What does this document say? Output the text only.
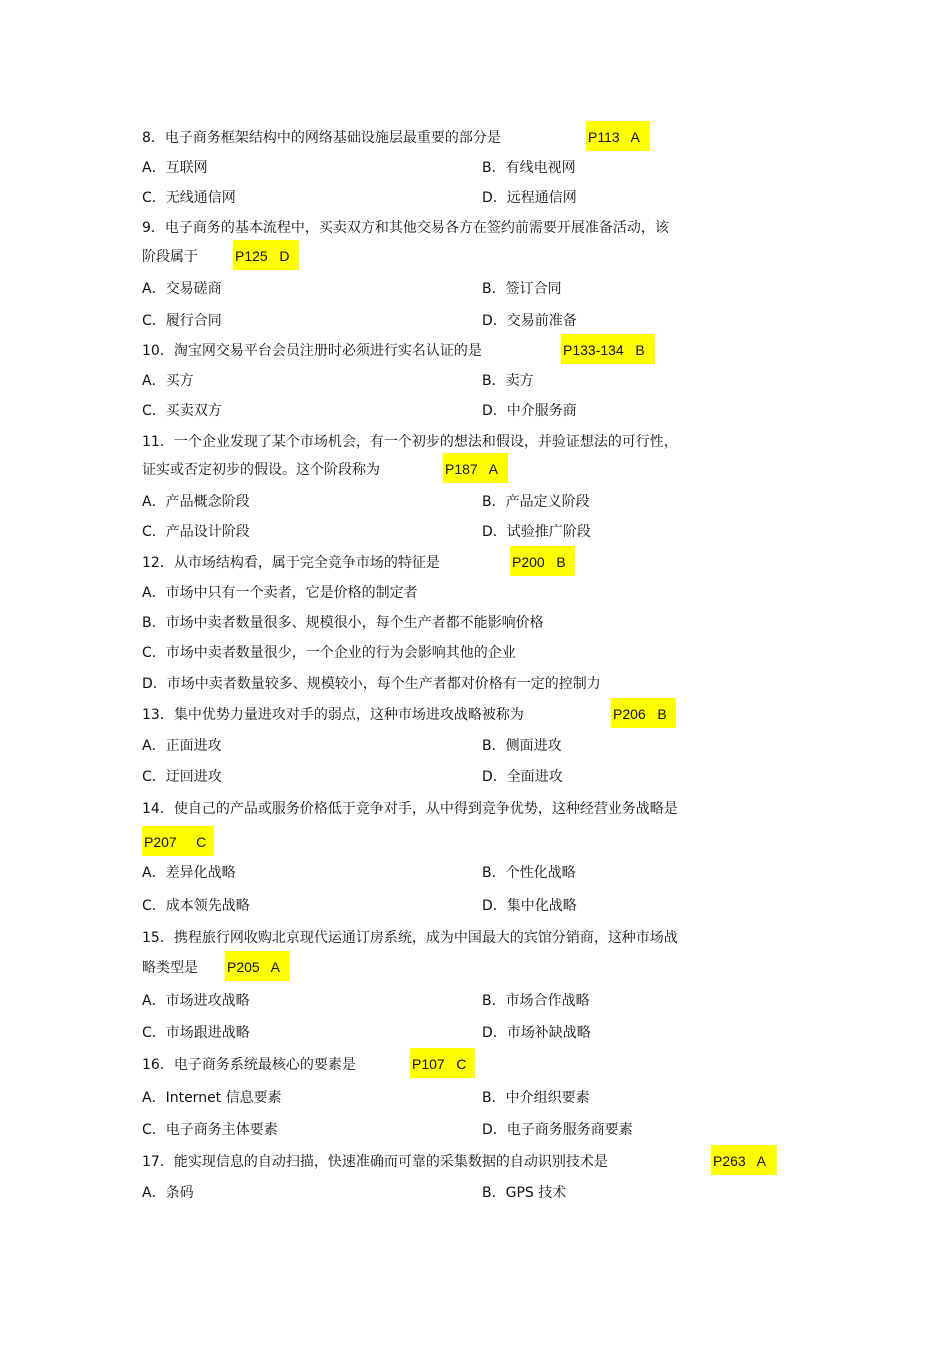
8．电子商务框架结构中的网络基础设施层最重要的部分是	P113   A
A．互联网	B．有线电视网
C．无线通信网	D．远程通信网
9．电子商务的基本流程中，买卖双方和其他交易各方在签约前需要开展准备活动，该
阶段属于	P125   D
A．交易磋商	B．签订合同
C．履行合同	D．交易前准备
10．淘宝网交易平台会员注册时必须进行实名认证的是	P133-134   B
A．买方	B．卖方
C．买卖双方	D．中介服务商
11．一个企业发现了某个市场机会，有一个初步的想法和假设，并验证想法的可行性，
证实或否定初步的假设。这个阶段称为	P187   A
A．产品概念阶段	B．产品定义阶段
C．产品设计阶段	D．试验推广阶段
12．从市场结构看，属于完全竞争市场的特征是	P200   B
A．市场中只有一个卖者，它是价格的制定者
B．市场中卖者数量很多、规模很小，每个生产者都不能影响价格
C．市场中卖者数量很少，一个企业的行为会影响其他的企业
D．市场中卖者数量较多、规模较小，每个生产者都对价格有一定的控制力
13．集中优势力量进攻对手的弱点，这种市场进攻战略被称为	P206   B
A．正面进攻	B．侧面进攻
C．迂回进攻	D．全面进攻
14．使自己的产品或服务价格低于竞争对手，从中得到竞争优势，这种经营业务战略是
P207     C
A．差异化战略	B．个性化战略
C．成本领先战略	D．集中化战略
15．携程旅行网收购北京现代运通订房系统，成为中国最大的宾馆分销商，这种市场战
略类型是 P205   A
A．市场进攻战略	B．市场合作战略
C．市场跟进战略	D．市场补缺战略
16．电子商务系统最核心的要素是	P107   C
A．Internet 信息要素	B．中介组织要素
C．电子商务主体要素	D．电子商务服务商要素
17．能实现信息的自动扫描，快速准确而可靠的采集数据的自动识别技术是	P263   A
A．条码	B．GPS 技术
